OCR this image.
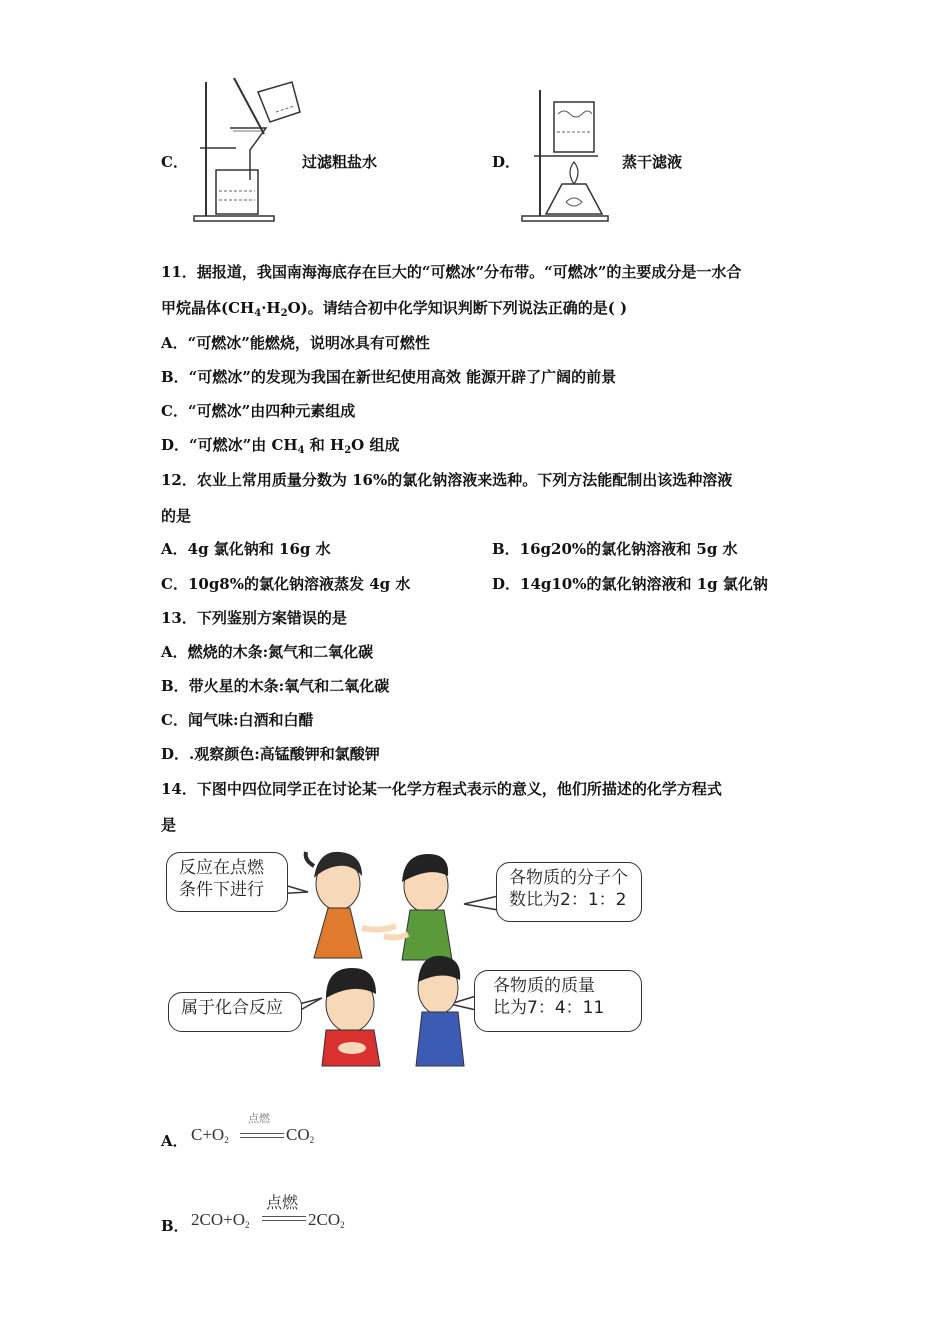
C．	过滤粗盐水	D．	蒸干滤液
11．据报道，我国南海海底存在巨大的“可燃冰”分布带。“可燃冰”的主要成分是一水合
甲烷晶体$(CH_4\cdot H_2O)$。请结合初中化学知识判断下列说法正确的是( )
A．“可燃冰”能燃烧，说明冰具有可燃性
B．“可燃冰”的发现为我国在新世纪使用高效 能源开辟了广阔的前景
C．“可燃冰”由四种元素组成
D．“可燃冰”由 $CH_4$ 和 $H_2O$ 组成
12．农业上常用质量分数为 16%的氯化钠溶液来选种。下列方法能配制出该选种溶液
的是
A．4g 氯化钠和 16g 水	B．16g20%的氯化钠溶液和 5g 水
C．10g8%的氯化钠溶液蒸发 4g 水	D．14g10%的氯化钠溶液和 1g 氯化钠
13．下列鉴别方案错误的是
A．燃烧的木条:氮气和二氧化碳
B．带火星的木条:氧气和二氧化碳
C．闻气味:白酒和白醋
D．.观察颜色:高锰酸钾和氯酸钾
14．下图中四位同学正在讨论某一化学方程式表示的意义，他们所描述的化学方程式
是
反应在点燃
条件下进行
各物质的分子个
数比为2：1：2
属于化合反应
各物质的质量
比为7：4：11
A． $C+O_2$
点燃
$CO_2$
B． $2CO+O_2$
点燃
$2CO_2$
